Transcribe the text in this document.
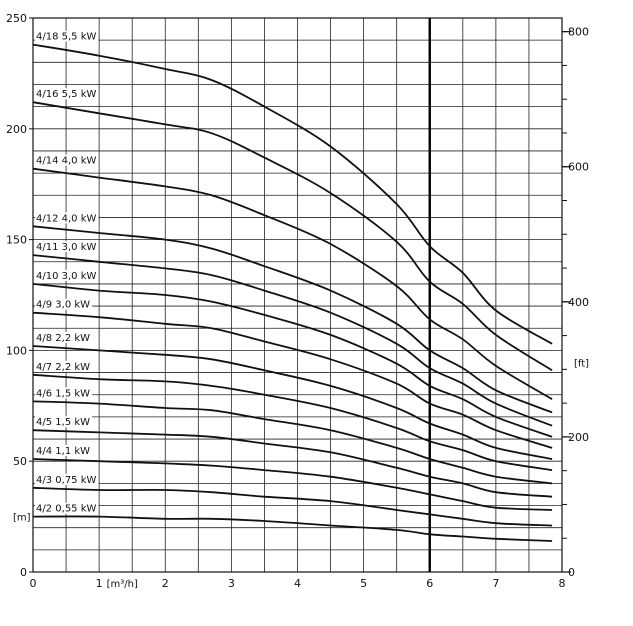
0
50
100
150
200
250
0
200
400
600
800
0	1	2	3	4	5	6	7	8
[m³/h]
[m]
[ft]
4/18 5,5 kW
4/16 5,5 kW
4/14 4,0 kW
4/12 4,0 kW
4/11 3,0 kW
4/10 3,0 kW
4/9 3,0 kW
4/8 2,2 kW
4/7 2,2 kW
4/6 1,5 kW
4/5 1,5 kW
4/4 1,1 kW
4/3 0,75 kW
4/2 0,55 kW
